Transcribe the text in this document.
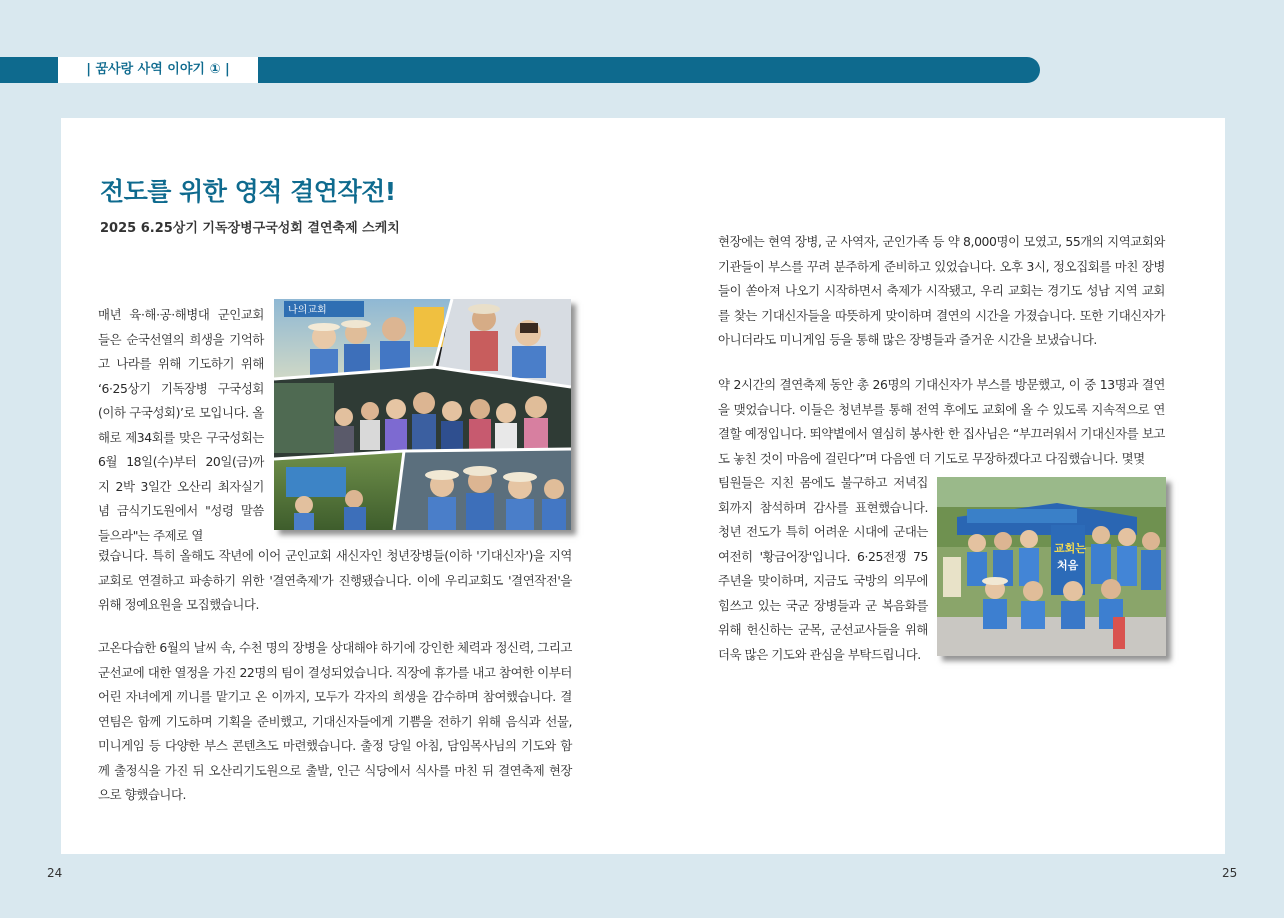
| 꿈사랑 사역 이야기 ① |
전도를 위한 영적 결연작전!

2025 6.25상기 기독장병구국성회 결연축제 스케치

매년 육·해·공·해병대 군인교회들은 순국선열의 희생을 기억하고 나라를 위해 기도하기 위해 ‘6·25상기 기독장병 구국성회(이하 구국성회)’로 모입니다. 올해로 제34회를 맞은 구국성회는 6월 18일(수)부터 20일(금)까지 2박 3일간 오산리 최자실기념 금식기도원에서 "성령 말씀 들으라"는 주제로 열

렸습니다. 특히 올해도 작년에 이어 군인교회 새신자인 청년장병들(이하 '기대신자')을 지역교회로 연결하고 파송하기 위한 '결연축제'가 진행됐습니다. 이에 우리교회도 '결연작전'을 위해 정예요원을 모집했습니다.

고온다습한 6월의 날씨 속, 수천 명의 장병을 상대해야 하기에 강인한 체력과 정신력, 그리고 군선교에 대한 열정을 가진 22명의 팀이 결성되었습니다. 직장에 휴가를 내고 참여한 이부터 어린 자녀에게 끼니를 맡기고 온 이까지, 모두가 각자의 희생을 감수하며 참여했습니다. 결연팀은 함께 기도하며 기획을 준비했고, 기대신자들에게 기쁨을 전하기 위해 음식과 선물, 미니게임 등 다양한 부스 콘텐츠도 마련했습니다. 출정 당일 아침, 담임목사님의 기도와 함께 출정식을 가진 뒤 오산리기도원으로 출발, 인근 식당에서 식사를 마친 뒤 결연축제 현장으로 향했습니다.

나의교회

현장에는 현역 장병, 군 사역자, 군인가족 등 약 8,000명이 모였고, 55개의 지역교회와 기관들이 부스를 꾸려 분주하게 준비하고 있었습니다. 오후 3시, 정오집회를 마친 장병들이 쏟아져 나오기 시작하면서 축제가 시작됐고, 우리 교회는 경기도 성남 지역 교회를 찾는 기대신자들을 따뜻하게 맞이하며 결연의 시간을 가졌습니다. 또한 기대신자가 아니더라도 미니게임 등을 통해 많은 장병들과 즐거운 시간을 보냈습니다.

약 2시간의 결연축제 동안 총 26명의 기대신자가 부스를 방문했고, 이 중 13명과 결연을 맺었습니다. 이들은 청년부를 통해 전역 후에도 교회에 올 수 있도록 지속적으로 연결할 예정입니다. 뙤약볕에서 열심히 봉사한 한 집사님은 “부끄러워서 기대신자를 보고도 놓친 것이 마음에 걸린다”며 다음엔 더 기도로 무장하겠다고 다짐했습니다. 몇몇

팀원들은 지친 몸에도 불구하고 저녁집회까지 참석하며 감사를 표현했습니다. 청년 전도가 특히 어려운 시대에 군대는 여전히 '황금어장'입니다. 6·25전쟁 75주년을 맞이하며, 지금도 국방의 의무에 힘쓰고 있는 국군 장병들과 군 복음화를 위해 헌신하는 군목, 군선교사들을 위해 더욱 많은 기도와 관심을 부탁드립니다.

교회는
처음
24	25
